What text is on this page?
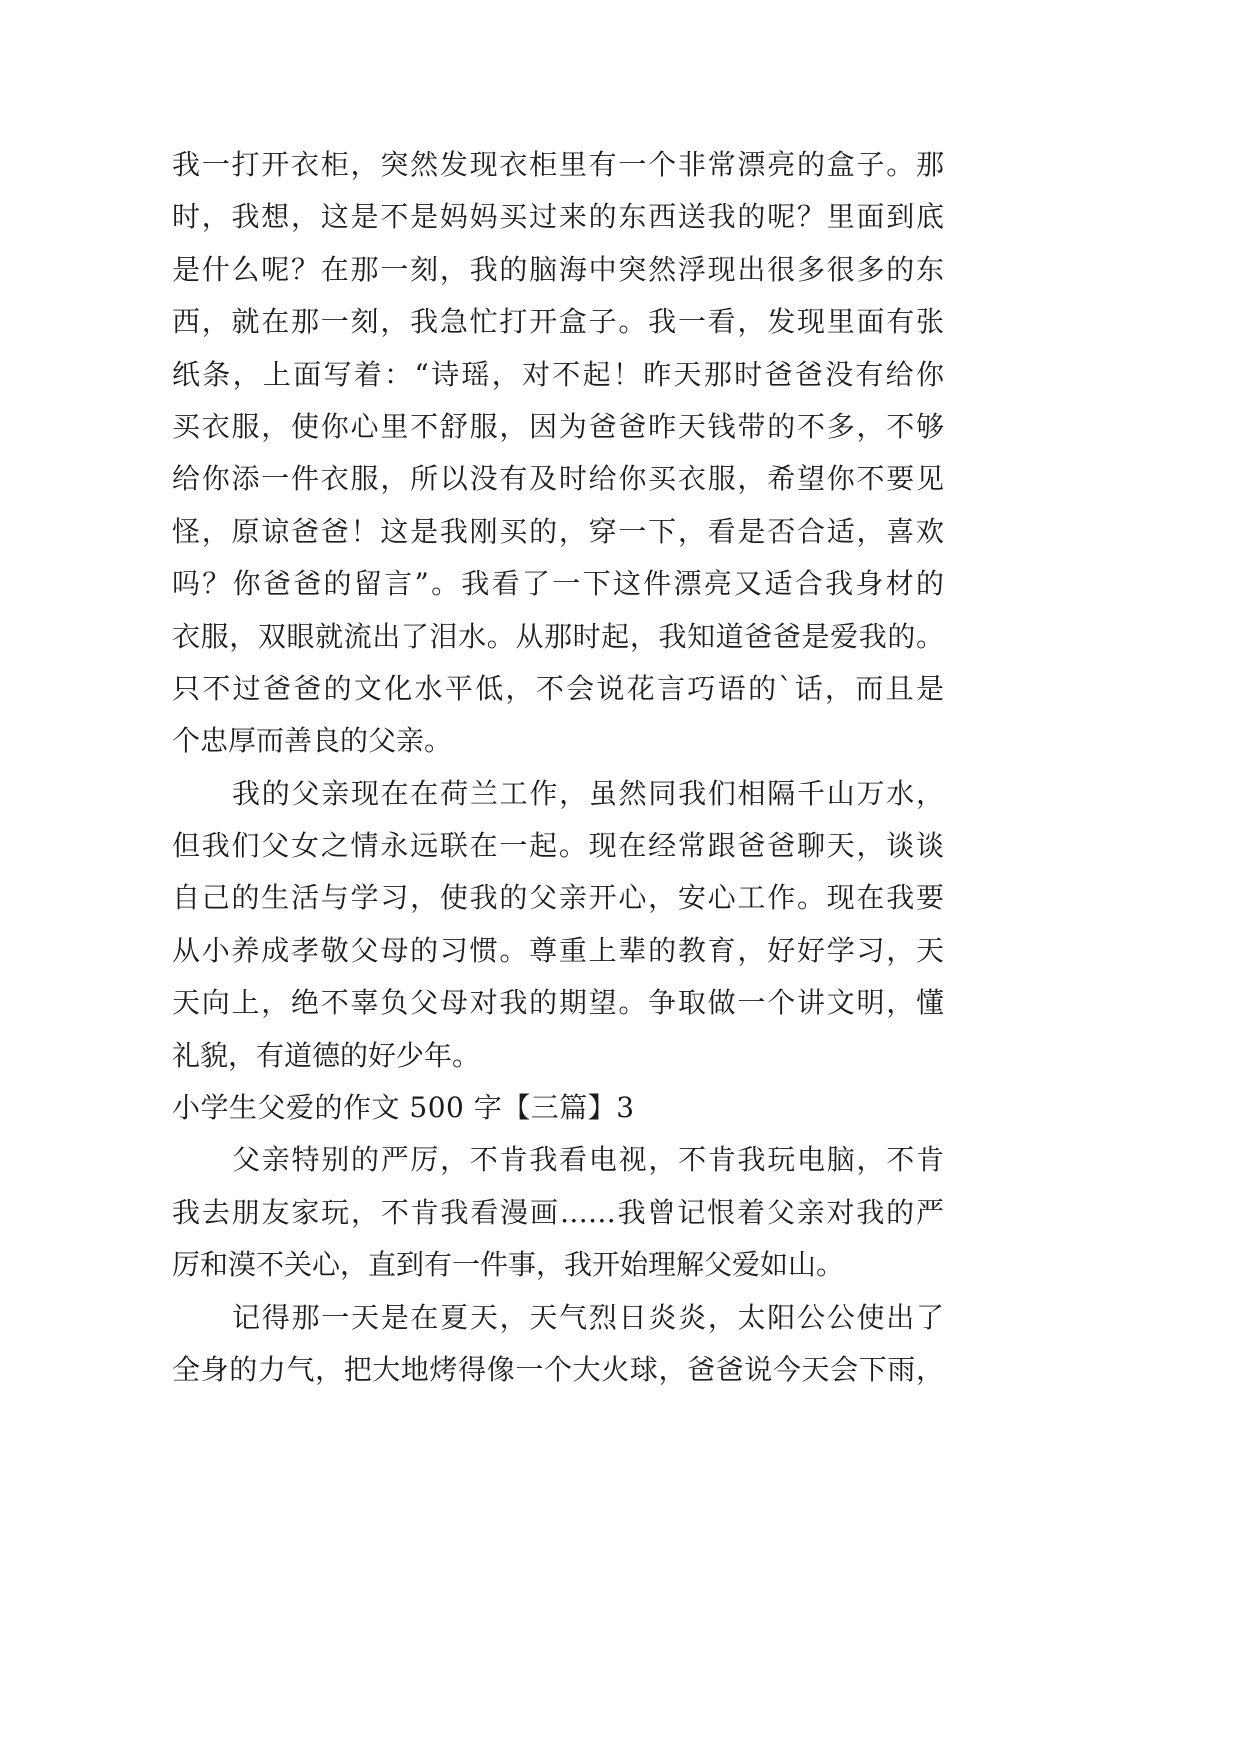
我一打开衣柜，突然发现衣柜里有一个非常漂亮的盒子。那
时，我想，这是不是妈妈买过来的东西送我的呢？里面到底
是什么呢？在那一刻，我的脑海中突然浮现出很多很多的东
西，就在那一刻，我急忙打开盒子。我一看，发现里面有张
纸条，上面写着：“诗瑶，对不起！昨天那时爸爸没有给你
买衣服，使你心里不舒服，因为爸爸昨天钱带的不多，不够
给你添一件衣服，所以没有及时给你买衣服，希望你不要见
怪，原谅爸爸！这是我刚买的，穿一下，看是否合适，喜欢
吗？你爸爸的留言”。我看了一下这件漂亮又适合我身材的
衣服，双眼就流出了泪水。从那时起，我知道爸爸是爱我的。
只不过爸爸的文化水平低，不会说花言巧语的`话，而且是
个忠厚而善良的父亲。
我的父亲现在在荷兰工作，虽然同我们相隔千山万水，
但我们父女之情永远联在一起。现在经常跟爸爸聊天，谈谈
自己的生活与学习，使我的父亲开心，安心工作。现在我要
从小养成孝敬父母的习惯。尊重上辈的教育，好好学习，天
天向上，绝不辜负父母对我的期望。争取做一个讲文明，懂
礼貌，有道德的好少年。
小学生父爱的作文 500 字【三篇】3
父亲特别的严厉，不肯我看电视，不肯我玩电脑，不肯
我去朋友家玩，不肯我看漫画……我曾记恨着父亲对我的严
厉和漠不关心，直到有一件事，我开始理解父爱如山。
记得那一天是在夏天，天气烈日炎炎，太阳公公使出了
全身的力气，把大地烤得像一个大火球，爸爸说今天会下雨，
